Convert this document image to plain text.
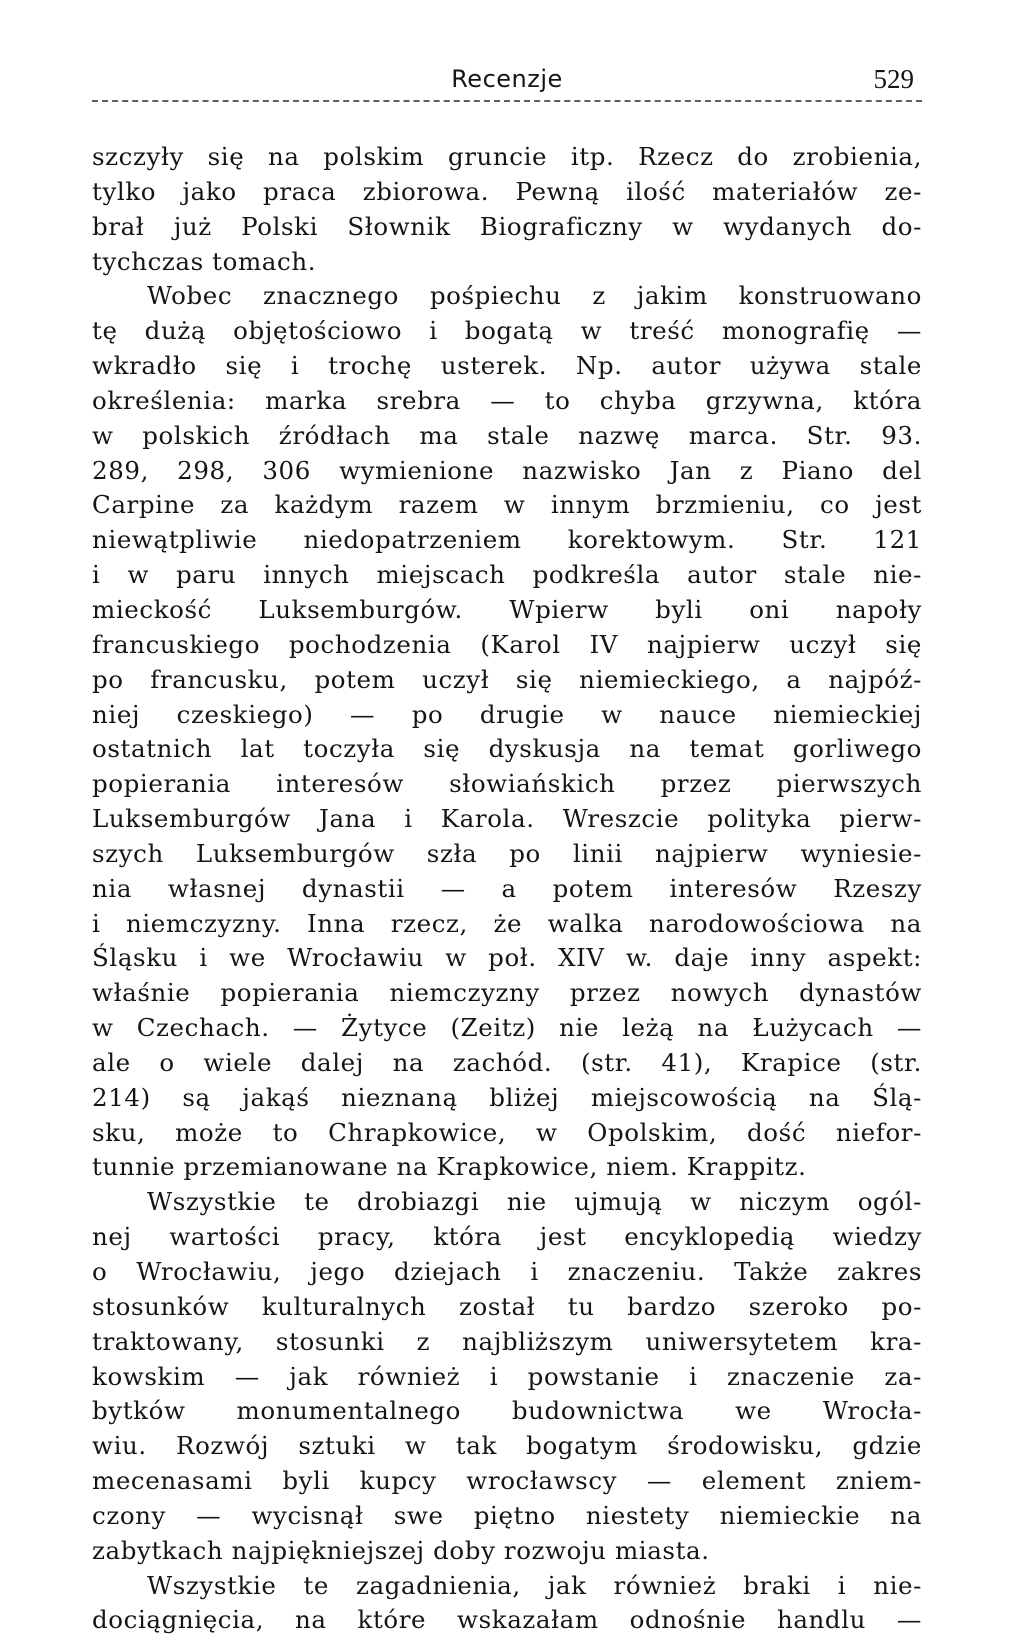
Recenzje	529
szczyły się na polskim gruncie itp. Rzecz do zrobienia,
tylko jako praca zbiorowa. Pewną ilość materiałów ze-
brał już Polski Słownik Biograficzny w wydanych do-
tychczas tomach.
Wobec znacznego pośpiechu z jakim konstruowano
tę dużą objętościowo i bogatą w treść monografię —
wkradło się i trochę usterek. Np. autor używa stale
określenia: marka srebra — to chyba grzywna, która
w polskich źródłach ma stale nazwę marca. Str. 93.
289, 298, 306 wymienione nazwisko Jan z Piano del
Carpine za każdym razem w innym brzmieniu, co jest
niewątpliwie niedopatrzeniem korektowym. Str. 121
i w paru innych miejscach podkreśla autor stale nie-
mieckość Luksemburgów. Wpierw byli oni napoły
francuskiego pochodzenia (Karol IV najpierw uczył się
po francusku, potem uczył się niemieckiego, a najpóź-
niej czeskiego) — po drugie w nauce niemieckiej
ostatnich lat toczyła się dyskusja na temat gorliwego
popierania interesów słowiańskich przez pierwszych
Luksemburgów Jana i Karola. Wreszcie polityka pierw-
szych Luksemburgów szła po linii najpierw wyniesie-
nia własnej dynastii — a potem interesów Rzeszy
i niemczyzny. Inna rzecz, że walka narodowościowa na
Śląsku i we Wrocławiu w poł. XIV w. daje inny aspekt:
właśnie popierania niemczyzny przez nowych dynastów
w Czechach. — Żytyce (Zeitz) nie leżą na Łużycach —
ale o wiele dalej na zachód. (str. 41), Krapice (str.
214) są jakąś nieznaną bliżej miejscowością na Ślą-
sku, może to Chrapkowice, w Opolskim, dość niefor-
tunnie przemianowane na Krapkowice, niem. Krappitz.
Wszystkie te drobiazgi nie ujmują w niczym ogól-
nej wartości pracy, która jest encyklopedią wiedzy
o Wrocławiu, jego dziejach i znaczeniu. Także zakres
stosunków kulturalnych został tu bardzo szeroko po-
traktowany, stosunki z najbliższym uniwersytetem kra-
kowskim — jak również i powstanie i znaczenie za-
bytków monumentalnego budownictwa we Wrocła-
wiu. Rozwój sztuki w tak bogatym środowisku, gdzie
mecenasami byli kupcy wrocławscy — element zniem-
czony — wycisnął swe piętno niestety niemieckie na
zabytkach najpiękniejszej doby rozwoju miasta.
Wszystkie te zagadnienia, jak również braki i nie-
dociągnięcia, na które wskazałam odnośnie handlu —
